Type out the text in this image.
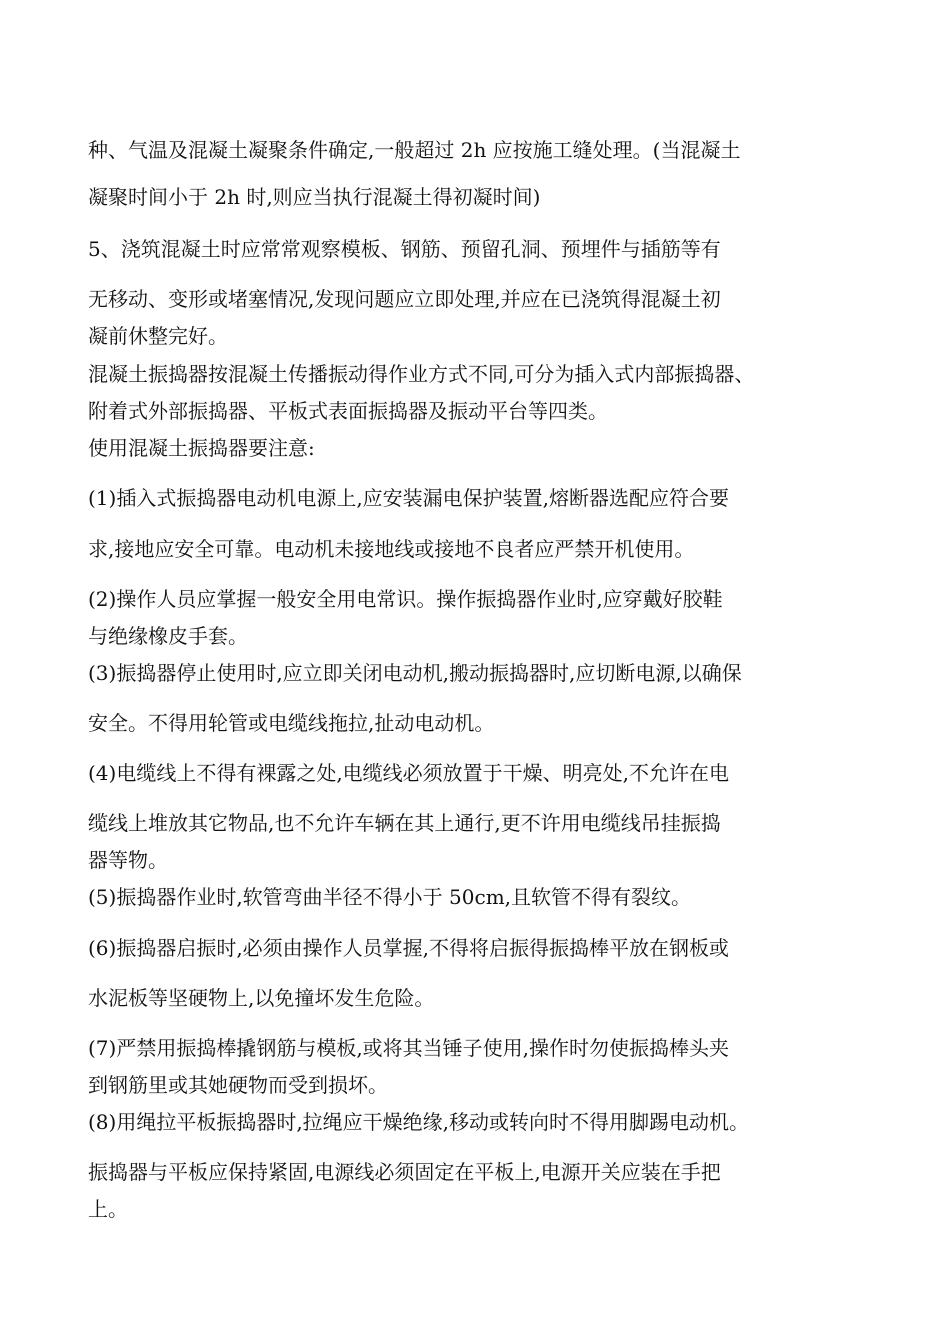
种、气温及混凝土凝聚条件确定,一般超过 2h 应按施工缝处理。(当混凝土

凝聚时间小于 2h 时,则应当执行混凝土得初凝时间)

5、浇筑混凝土时应常常观察模板、钢筋、预留孔洞、预埋件与插筋等有

无移动、变形或堵塞情况,发现问题应立即处理,并应在已浇筑得混凝土初

凝前休整完好。

混凝土振捣器按混凝土传播振动得作业方式不同,可分为插入式内部振捣器、

附着式外部振捣器、平板式表面振捣器及振动平台等四类。

使用混凝土振捣器要注意:

(1)插入式振捣器电动机电源上,应安装漏电保护装置,熔断器选配应符合要

求,接地应安全可靠。电动机未接地线或接地不良者应严禁开机使用。

(2)操作人员应掌握一般安全用电常识。操作振捣器作业时,应穿戴好胶鞋

与绝缘橡皮手套。

(3)振捣器停止使用时,应立即关闭电动机,搬动振捣器时,应切断电源,以确保

安全。不得用轮管或电缆线拖拉,扯动电动机。

(4)电缆线上不得有裸露之处,电缆线必须放置于干燥、明亮处,不允许在电

缆线上堆放其它物品,也不允许车辆在其上通行,更不许用电缆线吊挂振捣

器等物。

(5)振捣器作业时,软管弯曲半径不得小于 50cm,且软管不得有裂纹。

(6)振捣器启振时,必须由操作人员掌握,不得将启振得振捣棒平放在钢板或

水泥板等坚硬物上,以免撞坏发生危险。

(7)严禁用振捣棒撬钢筋与模板,或将其当锤子使用,操作时勿使振捣棒头夹

到钢筋里或其她硬物而受到损坏。

(8)用绳拉平板振捣器时,拉绳应干燥绝缘,移动或转向时不得用脚踢电动机。

振捣器与平板应保持紧固,电源线必须固定在平板上,电源开关应装在手把

上。
